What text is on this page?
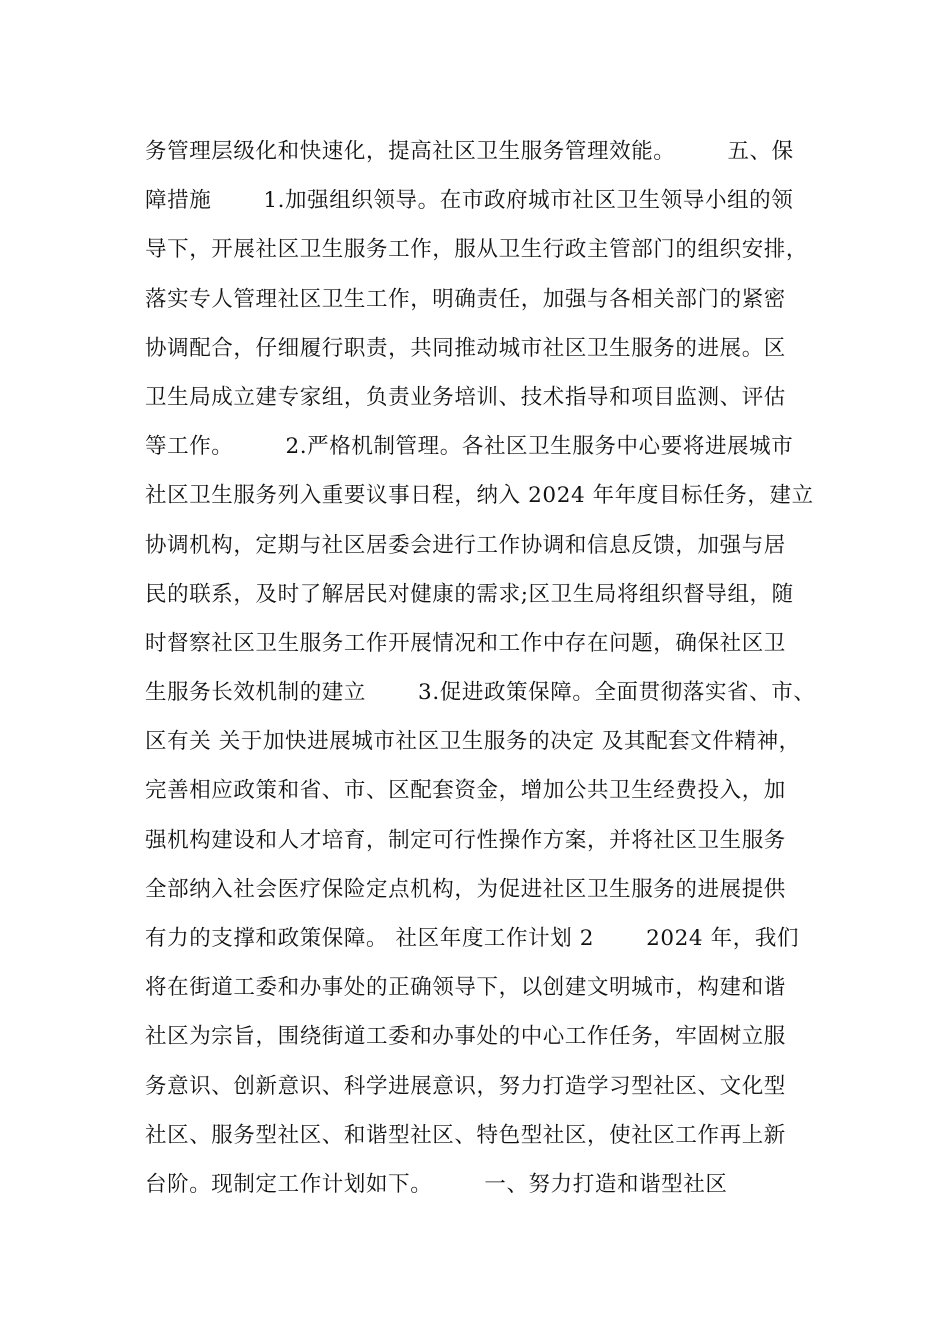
务管理层级化和快速化，提高社区卫生服务管理效能。       五、保
障措施       1.加强组织领导。在市政府城市社区卫生领导小组的领
导下，开展社区卫生服务工作，服从卫生行政主管部门的组织安排，
落实专人管理社区卫生工作，明确责任，加强与各相关部门的紧密
协调配合，仔细履行职责，共同推动城市社区卫生服务的进展。区
卫生局成立建专家组，负责业务培训、技术指导和项目监测、评估
等工作。       2.严格机制管理。各社区卫生服务中心要将进展城市
社区卫生服务列入重要议事日程，纳入 2024 年年度目标任务，建立
协调机构，定期与社区居委会进行工作协调和信息反馈，加强与居
民的联系，及时了解居民对健康的需求;区卫生局将组织督导组，随
时督察社区卫生服务工作开展情况和工作中存在问题，确保社区卫
生服务长效机制的建立       3.促进政策保障。全面贯彻落实省、市、
区有关 关于加快进展城市社区卫生服务的决定 及其配套文件精神，
完善相应政策和省、市、区配套资金，增加公共卫生经费投入，加
强机构建设和人才培育，制定可行性操作方案，并将社区卫生服务
全部纳入社会医疗保险定点机构，为促进社区卫生服务的进展提供
有力的支撑和政策保障。 社区年度工作计划 2       2024 年，我们
将在街道工委和办事处的正确领导下，以创建文明城市，构建和谐
社区为宗旨，围绕街道工委和办事处的中心工作任务，牢固树立服
务意识、创新意识、科学进展意识，努力打造学习型社区、文化型
社区、服务型社区、和谐型社区、特色型社区，使社区工作再上新
台阶。现制定工作计划如下。       一、努力打造和谐型社区
